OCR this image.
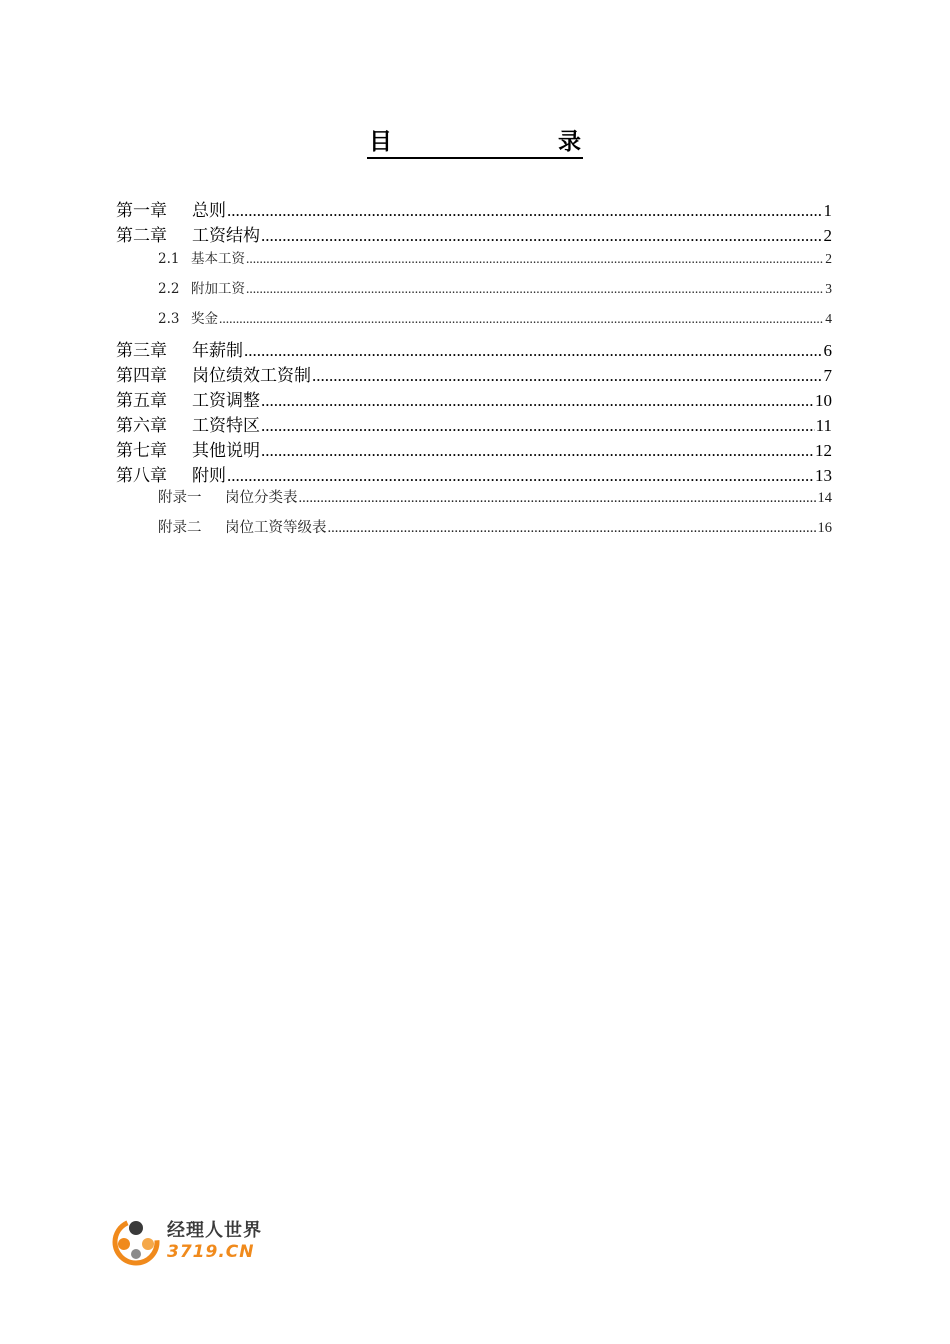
目	录
第一章	总则 .....	1
第二章	工资结构 .....	2
2.1 基本工资 .....	2
2.2 附加工资 .....	3
2.3 奖金 .....	4
第三章	年薪制 .....	6
第四章	岗位绩效工资制 .....	7
第五章	工资调整 .....	10
第六章	工资特区 .....	11
第七章	其他说明 .....	12
第八章	附则 .....	13
附录一	岗位分类表 .....	14
附录二	岗位工资等级表 .....	16
经理人世界
3719.CN
